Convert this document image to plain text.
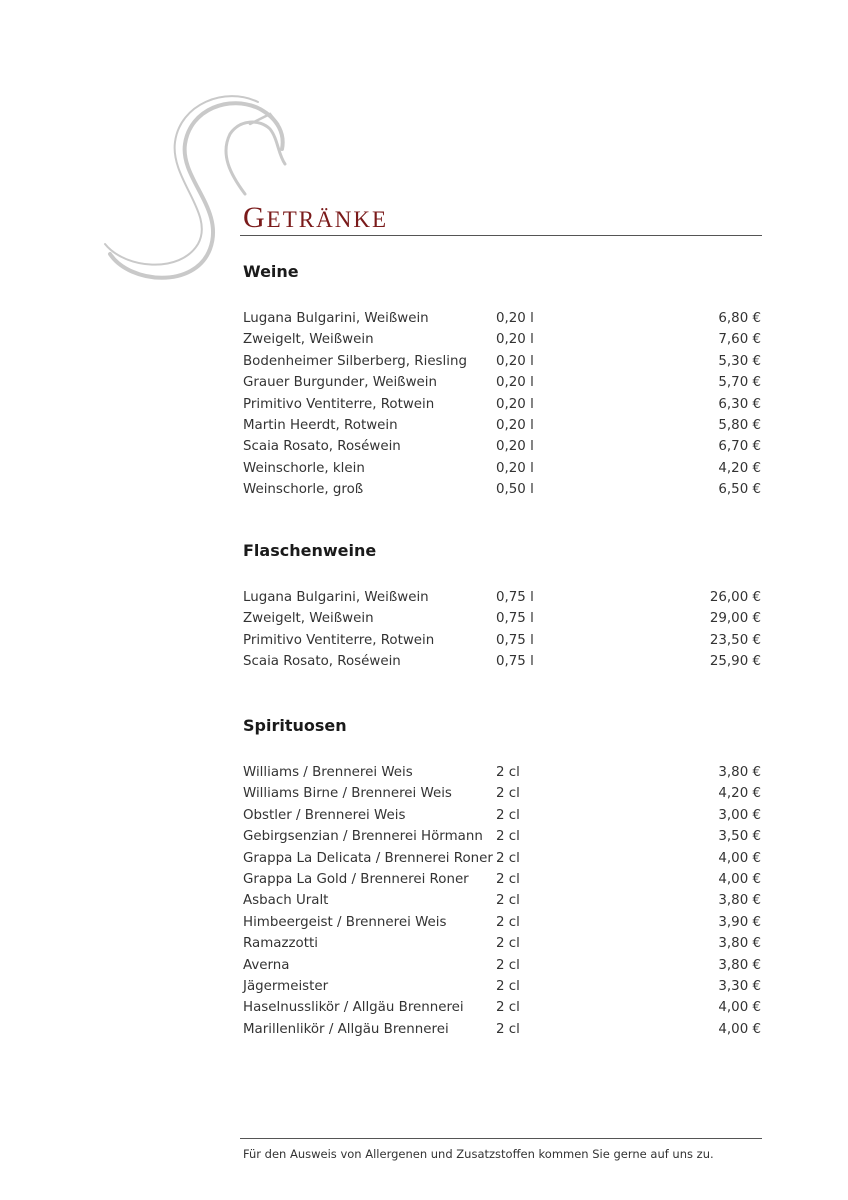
GETRÄNKE
Weine
Lugana Bulgarini, Weißwein	0,20 l	6,80 €
Zweigelt, Weißwein	0,20 l	7,60 €
Bodenheimer Silberberg, Riesling 0,20 l	5,30 €
Grauer Burgunder, Weißwein	0,20 l	5,70 €
Primitivo Ventiterre, Rotwein	0,20 l	6,30 €
Martin Heerdt, Rotwein	0,20 l	5,80 €
Scaia Rosato, Roséwein	0,20 l	6,70 €
Weinschorle, klein	0,20 l	4,20 €
Weinschorle, groß	0,50 l	6,50 €
Flaschenweine
Lugana Bulgarini, Weißwein	0,75 l	26,00 €
Zweigelt, Weißwein	0,75 l	29,00 €
Primitivo Ventiterre, Rotwein	0,75 l	23,50 €
Scaia Rosato, Roséwein	0,75 l	25,90 €
Spirituosen
Williams / Brennerei Weis	2 cl	3,80 €
Williams Birne / Brennerei Weis	2 cl	4,20 €
Obstler / Brennerei Weis	2 cl	3,00 €
Gebirgsenzian / Brennerei Hörmann 2 cl	3,50 €
Grappa La Delicata / Brennerei Roner 2 cl	4,00 €
Grappa La Gold / Brennerei Roner 2 cl	4,00 €
Asbach Uralt	2 cl	3,80 €
Himbeergeist / Brennerei Weis	2 cl	3,90 €
Ramazzotti	2 cl	3,80 €
Averna	2 cl	3,80 €
Jägermeister	2 cl	3,30 €
Haselnusslikör / Allgäu Brennerei 2 cl	4,00 €
Marillenlikör / Allgäu Brennerei	2 cl	4,00 €
Für den Ausweis von Allergenen und Zusatzstoffen kommen Sie gerne auf uns zu.
